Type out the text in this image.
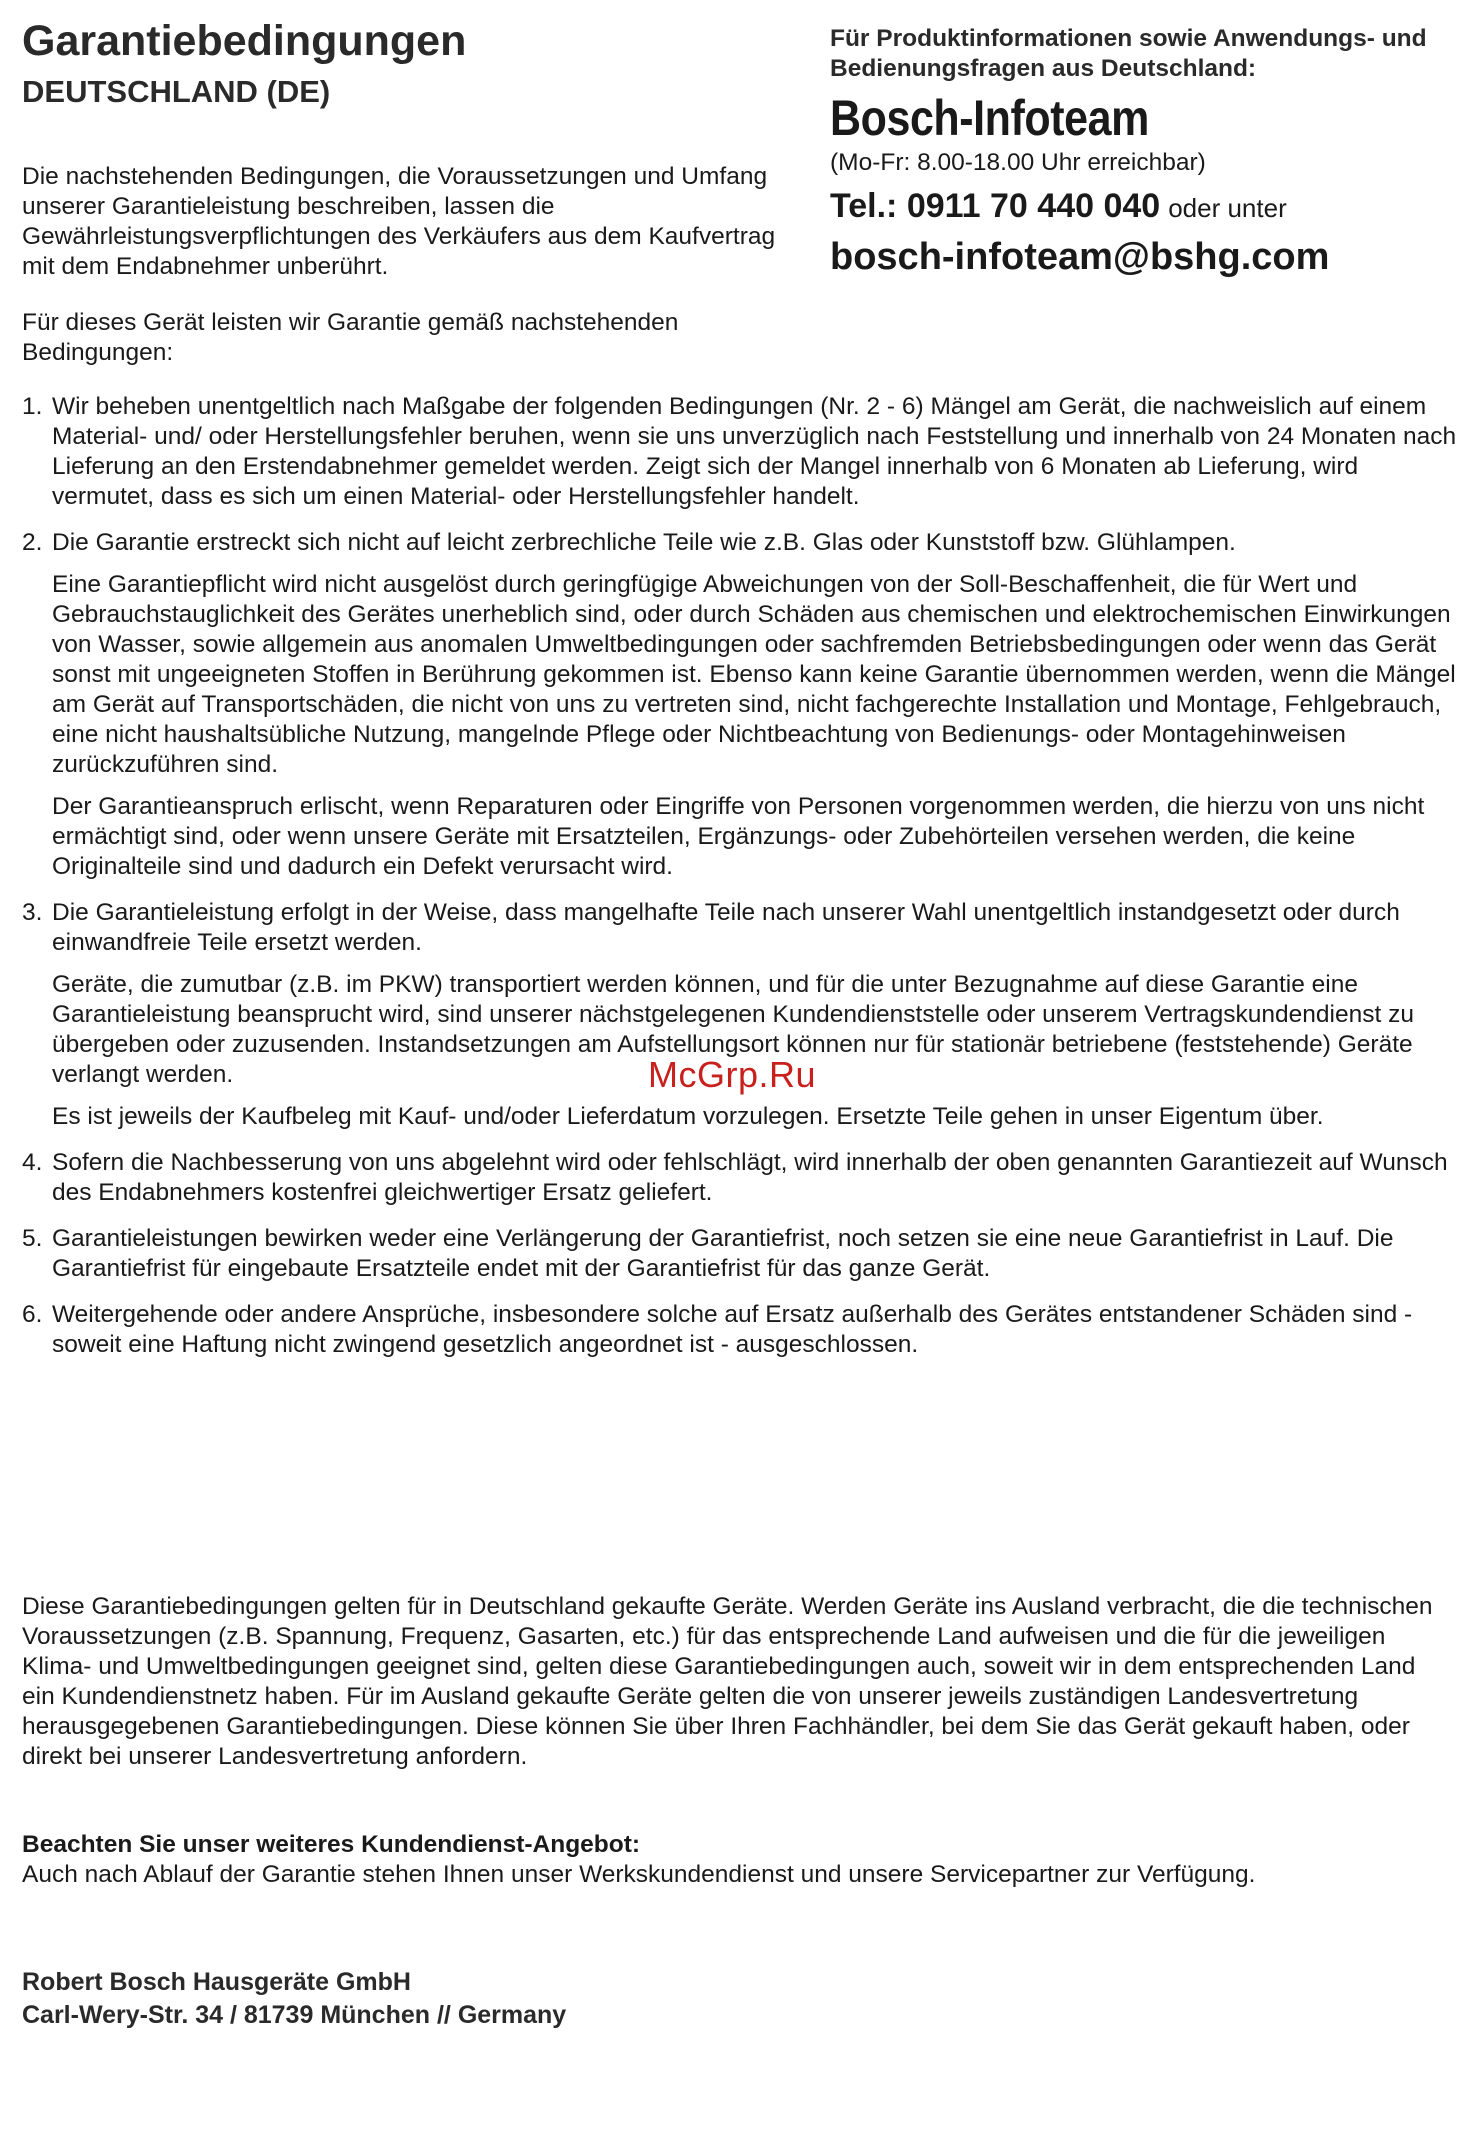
Garantiebedingungen
DEUTSCHLAND (DE)
Die nachstehenden Bedingungen, die Voraussetzungen und Umfang unserer Garantieleistung beschreiben, lassen die Gewährleistungsverpflichtungen des Verkäufers aus dem Kaufvertrag mit dem Endabnehmer unberührt.
Für dieses Gerät leisten wir Garantie gemäß nachstehenden Bedingungen:
Für Produktinformationen sowie Anwendungs- und Bedienungsfragen aus Deutschland:
Bosch-Infoteam
(Mo-Fr: 8.00-18.00 Uhr erreichbar)
Tel.: 0911 70 440 040 oder unter
bosch-infoteam@bshg.com
1. Wir beheben unentgeltlich nach Maßgabe der folgenden Bedingungen (Nr. 2 - 6) Mängel am Gerät, die nachweislich auf einem Material- und/ oder Herstellungsfehler beruhen, wenn sie uns unverzüglich nach Feststellung und innerhalb von 24 Monaten nach Lieferung an den Erstendabnehmer gemeldet werden. Zeigt sich der Mangel innerhalb von 6 Monaten ab Lieferung, wird vermutet, dass es sich um einen Material- oder Herstellungsfehler handelt.

2. Die Garantie erstreckt sich nicht auf leicht zerbrechliche Teile wie z.B. Glas oder Kunststoff bzw. Glühlampen.

Eine Garantiepflicht wird nicht ausgelöst durch geringfügige Abweichungen von der Soll-Beschaffenheit, die für Wert und Gebrauchstauglichkeit des Gerätes unerheblich sind, oder durch Schäden aus chemischen und elektrochemischen Einwirkungen von Wasser, sowie allgemein aus anomalen Umweltbedingungen oder sachfremden Betriebsbedingungen oder wenn das Gerät sonst mit ungeeigneten Stoffen in Berührung gekommen ist. Ebenso kann keine Garantie übernommen werden, wenn die Mängel am Gerät auf Transportschäden, die nicht von uns zu vertreten sind, nicht fachgerechte Installation und Montage, Fehlgebrauch, eine nicht haushaltsübliche Nutzung, mangelnde Pflege oder Nichtbeachtung von Bedienungs- oder Montagehinweisen zurückzuführen sind.

Der Garantieanspruch erlischt, wenn Reparaturen oder Eingriffe von Personen vorgenommen werden, die hierzu von uns nicht ermächtigt sind, oder wenn unsere Geräte mit Ersatzteilen, Ergänzungs- oder Zubehörteilen versehen werden, die keine Originalteile sind und dadurch ein Defekt verursacht wird.

3. Die Garantieleistung erfolgt in der Weise, dass mangelhafte Teile nach unserer Wahl unentgeltlich instandgesetzt oder durch einwandfreie Teile ersetzt werden.

Geräte, die zumutbar (z.B. im PKW) transportiert werden können, und für die unter Bezugnahme auf diese Garantie eine Garantieleistung beansprucht wird, sind unserer nächstgelegenen Kundendienststelle oder unserem Vertragskundendienst zu übergeben oder zuzusenden. Instandsetzungen am Aufstellungsort können nur für stationär betriebene (feststehende) Geräte verlangt werden.

Es ist jeweils der Kaufbeleg mit Kauf- und/oder Lieferdatum vorzulegen. Ersetzte Teile gehen in unser Eigentum über.

4. Sofern die Nachbesserung von uns abgelehnt wird oder fehlschlägt, wird innerhalb der oben genannten Garantiezeit auf Wunsch des Endabnehmers kostenfrei gleichwertiger Ersatz geliefert.

5. Garantieleistungen bewirken weder eine Verlängerung der Garantiefrist, noch setzen sie eine neue Garantiefrist in Lauf. Die Garantiefrist für eingebaute Ersatzteile endet mit der Garantiefrist für das ganze Gerät.

6. Weitergehende oder andere Ansprüche, insbesondere solche auf Ersatz außerhalb des Gerätes entstandener Schäden sind - soweit eine Haftung nicht zwingend gesetzlich angeordnet ist - ausgeschlossen.

Diese Garantiebedingungen gelten für in Deutschland gekaufte Geräte. Werden Geräte ins Ausland verbracht, die die technischen Voraussetzungen (z.B. Spannung, Frequenz, Gasarten, etc.) für das entsprechende Land aufweisen und die für die jeweiligen Klima- und Umweltbedingungen geeignet sind, gelten diese Garantiebedingungen auch, soweit wir in dem entsprechenden Land ein Kundendienstnetz haben. Für im Ausland gekaufte Geräte gelten die von unserer jeweils zuständigen Landesvertretung herausgegebenen Garantiebedingungen. Diese können Sie über Ihren Fachhändler, bei dem Sie das Gerät gekauft haben, oder direkt bei unserer Landesvertretung anfordern.
Beachten Sie unser weiteres Kundendienst-Angebot:
Auch nach Ablauf der Garantie stehen Ihnen unser Werkskundendienst und unsere Servicepartner zur Verfügung.
Robert Bosch Hausgeräte GmbH
Carl-Wery-Str. 34 / 81739 München // Germany
McGrp.Ru
